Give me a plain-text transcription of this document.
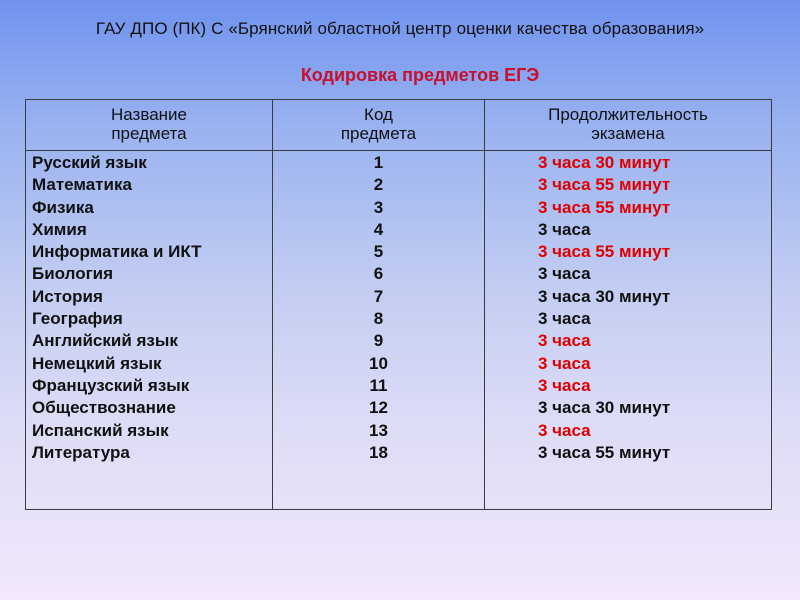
ГАУ ДПО (ПК) С «Брянский областной центр оценки качества образования»
Кодировка предметов ЕГЭ
Название
предмета
Код
предмета
Продолжительность
экзамена
Русский язык
Математика
Физика
Химия
Информатика и ИКТ
Биология
История
География
Английский язык
Немецкий язык
Французский язык
Обществознание
Испанский язык
Литература
1
2
3
4
5
6
7
8
9
10
11
12
13
18
3 часа 30 минут
3 часа 55 минут
3 часа 55 минут
3 часа
3 часа 55 минут
3 часа
3 часа 30 минут
3 часа
3 часа
3 часа
3 часа
3 часа 30 минут
3 часа
3 часа 55 минут
